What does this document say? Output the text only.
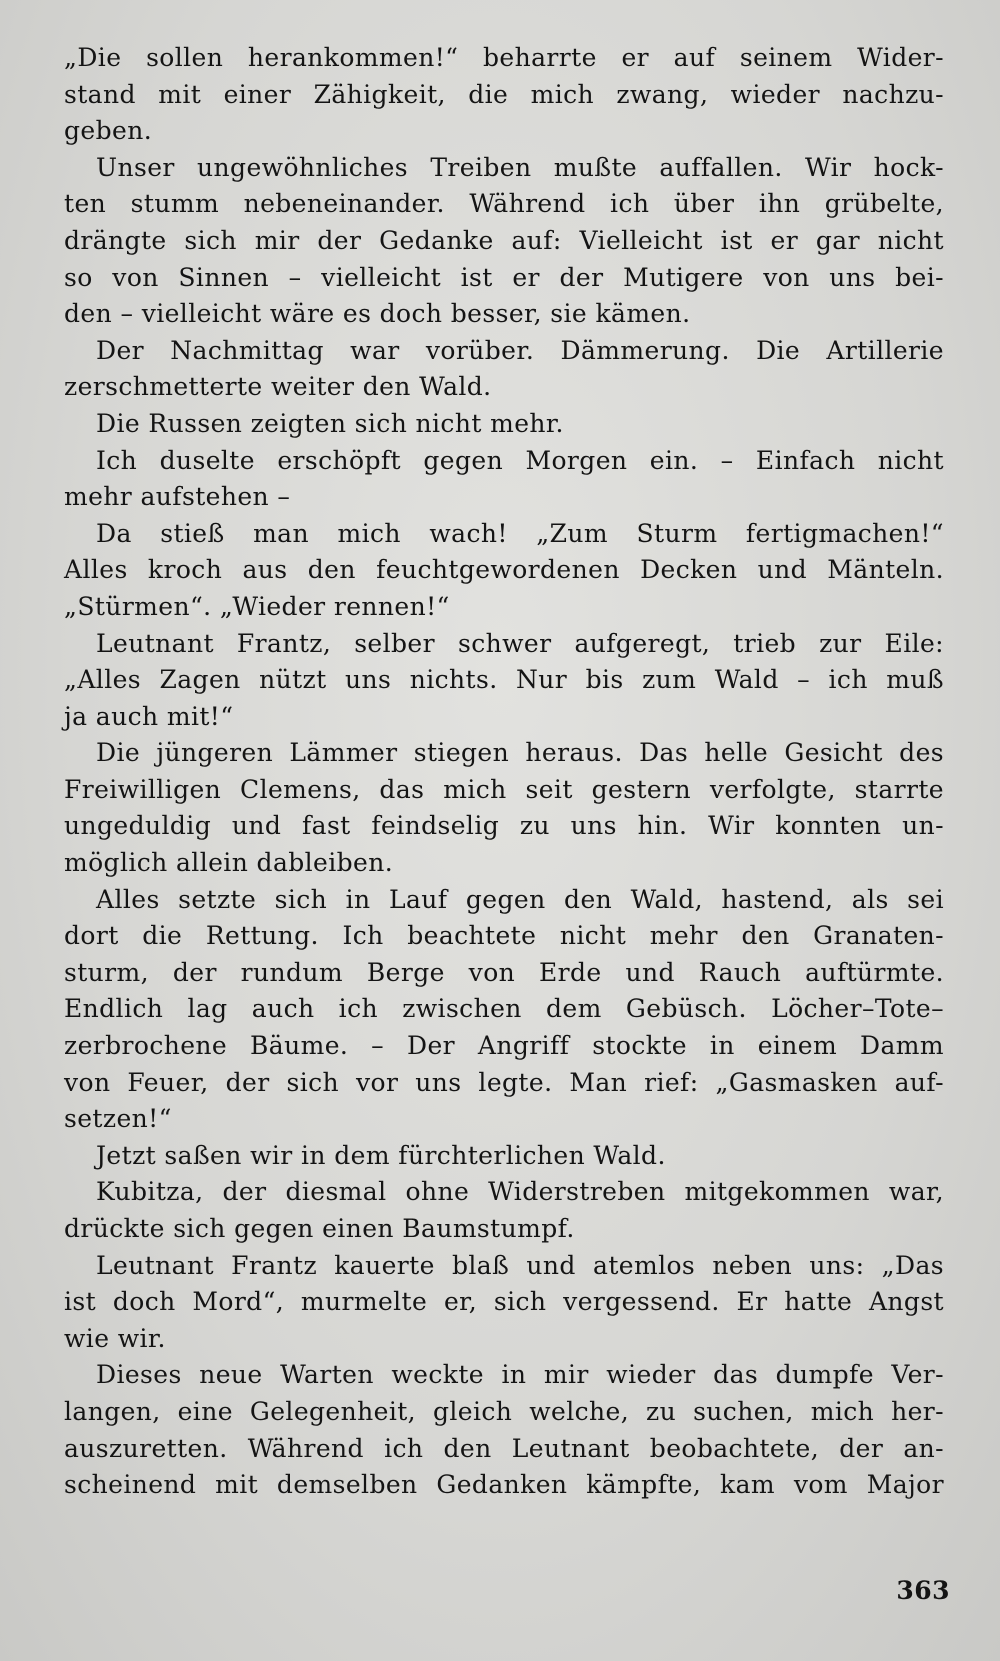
„Die sollen herankommen!“ beharrte er auf seinem Wider-
stand mit einer Zähigkeit, die mich zwang, wieder nachzu-
geben.
Unser ungewöhnliches Treiben mußte auffallen. Wir hock-
ten stumm nebeneinander. Während ich über ihn grübelte,
drängte sich mir der Gedanke auf: Vielleicht ist er gar nicht
so von Sinnen – vielleicht ist er der Mutigere von uns bei-
den – vielleicht wäre es doch besser, sie kämen.
Der Nachmittag war vorüber. Dämmerung. Die Artillerie
zerschmetterte weiter den Wald.
Die Russen zeigten sich nicht mehr.
Ich duselte erschöpft gegen Morgen ein. – Einfach nicht
mehr aufstehen –
Da stieß man mich wach! „Zum Sturm fertigmachen!“
Alles kroch aus den feuchtgewordenen Decken und Mänteln.
„Stürmen“. „Wieder rennen!“
Leutnant Frantz, selber schwer aufgeregt, trieb zur Eile:
„Alles Zagen nützt uns nichts. Nur bis zum Wald – ich muß
ja auch mit!“
Die jüngeren Lämmer stiegen heraus. Das helle Gesicht des
Freiwilligen Clemens, das mich seit gestern verfolgte, starrte
ungeduldig und fast feindselig zu uns hin. Wir konnten un-
möglich allein dableiben.
Alles setzte sich in Lauf gegen den Wald, hastend, als sei
dort die Rettung. Ich beachtete nicht mehr den Granaten-
sturm, der rundum Berge von Erde und Rauch auftürmte.
Endlich lag auch ich zwischen dem Gebüsch. Löcher–Tote–
zerbrochene Bäume. – Der Angriff stockte in einem Damm
von Feuer, der sich vor uns legte. Man rief: „Gasmasken auf-
setzen!“
Jetzt saßen wir in dem fürchterlichen Wald.
Kubitza, der diesmal ohne Widerstreben mitgekommen war,
drückte sich gegen einen Baumstumpf.
Leutnant Frantz kauerte blaß und atemlos neben uns: „Das
ist doch Mord“, murmelte er, sich vergessend. Er hatte Angst
wie wir.
Dieses neue Warten weckte in mir wieder das dumpfe Ver-
langen, eine Gelegenheit, gleich welche, zu suchen, mich her-
auszuretten. Während ich den Leutnant beobachtete, der an-
scheinend mit demselben Gedanken kämpfte, kam vom Major
363
